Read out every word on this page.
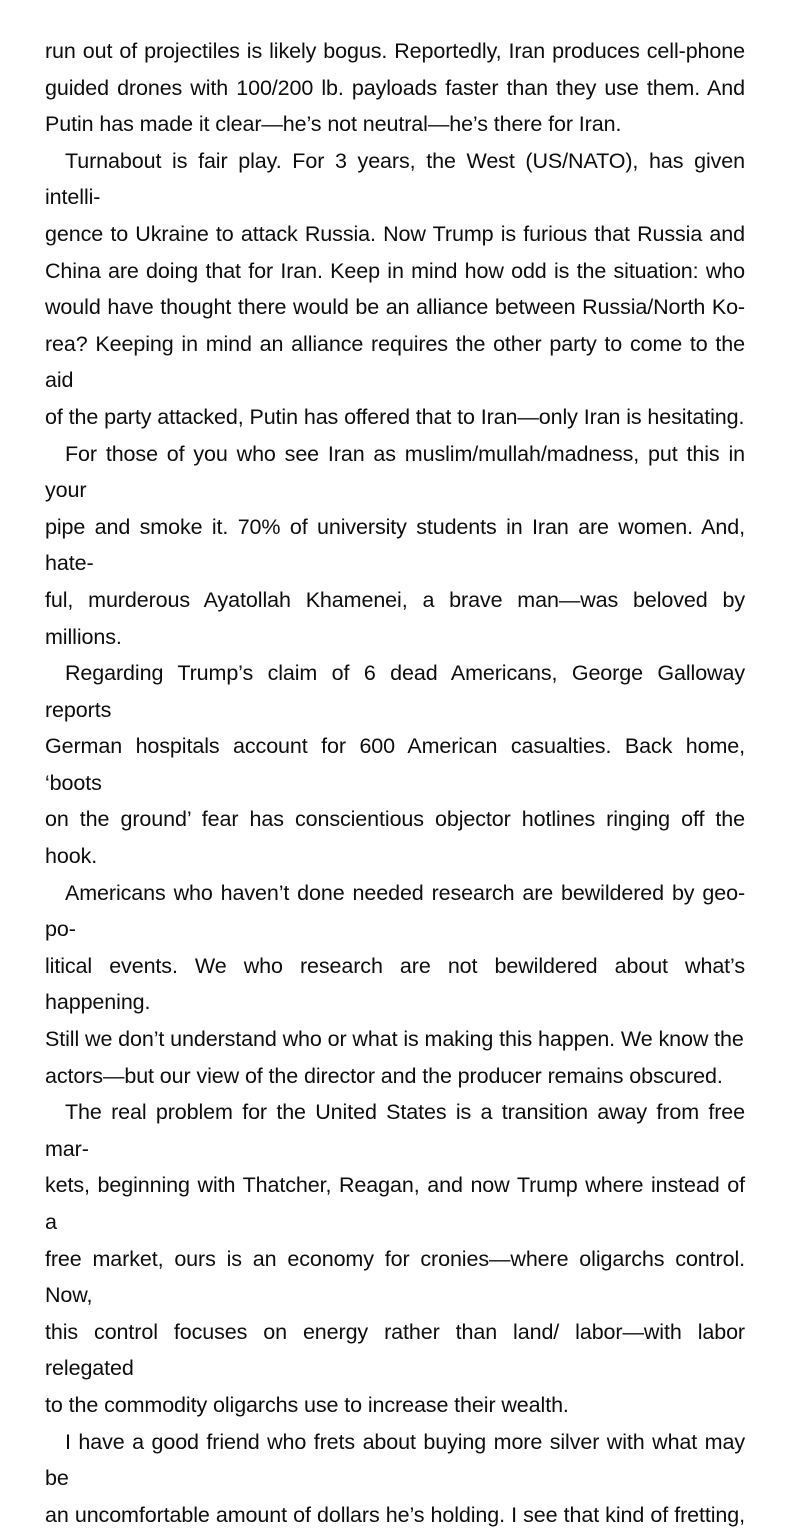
run out of projectiles is likely bogus. Reportedly, Iran produces cell-phone
guided drones with 100/200 lb. payloads faster than they use them. And
Putin has made it clear—he’s not neutral—he’s there for Iran.
Turnabout is fair play. For 3 years, the West (US/NATO), has given intelli-
gence to Ukraine to attack Russia. Now Trump is furious that Russia and
China are doing that for Iran. Keep in mind how odd is the situation: who
would have thought there would be an alliance between Russia/North Ko-
rea? Keeping in mind an alliance requires the other party to come to the aid
of the party attacked, Putin has offered that to Iran—only Iran is hesitating.
For those of you who see Iran as muslim/mullah/madness, put this in your
pipe and smoke it. 70% of university students in Iran are women. And, hate-
ful, murderous Ayatollah Khamenei, a brave man—was beloved by millions.
Regarding Trump’s claim of 6 dead Americans, George Galloway reports
German hospitals account for 600 American casualties. Back home, ‘boots
on the ground’ fear has conscientious objector hotlines ringing off the hook.
Americans who haven’t done needed research are bewildered by geo-po-
litical events. We who research are not bewildered about what’s happening.
Still we don’t understand who or what is making this happen. We know the
actors—but our view of the director and the producer remains obscured.
The real problem for the United States is a transition away from free mar-
kets, beginning with Thatcher, Reagan, and now Trump where instead of a
free market, ours is an economy for cronies—where oligarchs control. Now,
this control focuses on energy rather than land/ labor—with labor relegated
to the commodity oligarchs use to increase their wealth.
I have a good friend who frets about buying more silver with what may be
an uncomfortable amount of dollars he’s holding. I see that kind of fretting,
